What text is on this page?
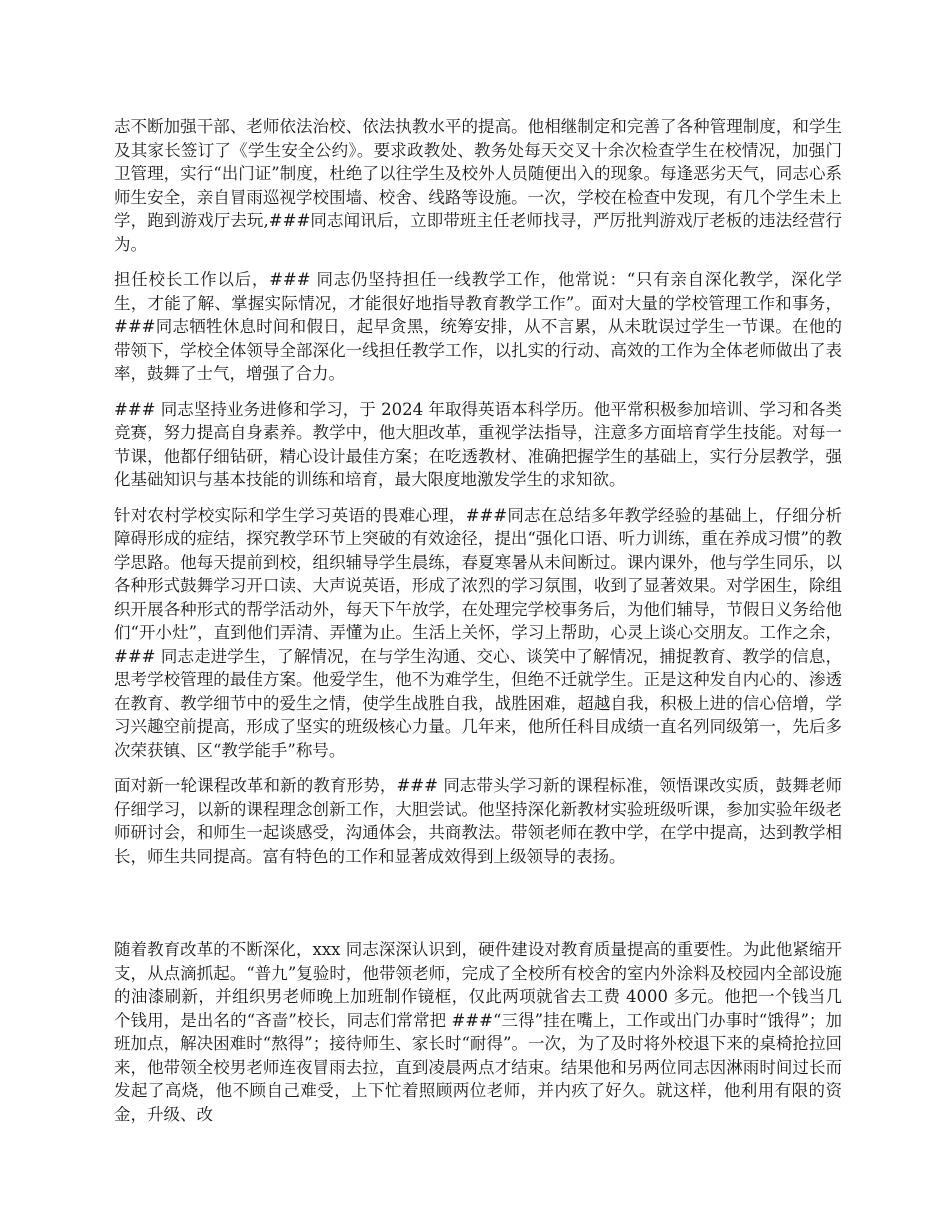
志不断加强干部、老师依法治校、依法执教水平的提高。他相继制定和完善了各种管理制度，和学生及其家长签订了《学生安全公约》。要求政教处、教务处每天交叉十余次检查学生在校情况，加强门卫管理，实行“出门证”制度，杜绝了以往学生及校外人员随便出入的现象。每逢恶劣天气，同志心系师生安全，亲自冒雨巡视学校围墙、校舍、线路等设施。一次，学校在检查中发现，有几个学生未上学，跑到游戏厅去玩,###同志闻讯后，立即带班主任老师找寻，严厉批判游戏厅老板的违法经营行为。

担任校长工作以后，### 同志仍坚持担任一线教学工作，他常说：“只有亲自深化教学，深化学生，才能了解、掌握实际情况，才能很好地指导教育教学工作”。面对大量的学校管理工作和事务，###同志牺牲休息时间和假日，起早贪黑，统筹安排，从不言累，从未耽误过学生一节课。在他的带领下，学校全体领导全部深化一线担任教学工作，以扎实的行动、高效的工作为全体老师做出了表率，鼓舞了士气，增强了合力。

### 同志坚持业务进修和学习，于 2024 年取得英语本科学历。他平常积极参加培训、学习和各类竞赛，努力提高自身素养。教学中，他大胆改革，重视学法指导，注意多方面培育学生技能。对每一节课，他都仔细钻研，精心设计最佳方案；在吃透教材、准确把握学生的基础上，实行分层教学，强化基础知识与基本技能的训练和培育，最大限度地激发学生的求知欲。

针对农村学校实际和学生学习英语的畏难心理，###同志在总结多年教学经验的基础上，仔细分析障碍形成的症结，探究教学环节上突破的有效途径，提出“强化口语、听力训练，重在养成习惯”的教学思路。他每天提前到校，组织辅导学生晨练，春夏寒暑从未间断过。课内课外，他与学生同乐，以各种形式鼓舞学习开口读、大声说英语，形成了浓烈的学习氛围，收到了显著效果。对学困生，除组织开展各种形式的帮学活动外，每天下午放学，在处理完学校事务后，为他们辅导，节假日义务给他们“开小灶”，直到他们弄清、弄懂为止。生活上关怀，学习上帮助，心灵上谈心交朋友。工作之余，### 同志走进学生，了解情况，在与学生沟通、交心、谈笑中了解情况，捕捉教育、教学的信息，思考学校管理的最佳方案。他爱学生，他不为难学生，但绝不迁就学生。正是这种发自内心的、渗透在教育、教学细节中的爱生之情，使学生战胜自我，战胜困难，超越自我，积极上进的信心倍增，学习兴趣空前提高，形成了坚实的班级核心力量。几年来，他所任科目成绩一直名列同级第一，先后多次荣获镇、区“教学能手”称号。

面对新一轮课程改革和新的教育形势，### 同志带头学习新的课程标准，领悟课改实质，鼓舞老师仔细学习，以新的课程理念创新工作，大胆尝试。他坚持深化新教材实验班级听课，参加实验年级老师研讨会，和师生一起谈感受，沟通体会，共商教法。带领老师在教中学，在学中提高，达到教学相长，师生共同提高。富有特色的工作和显著成效得到上级领导的表扬。

随着教育改革的不断深化，xxx 同志深深认识到，硬件建设对教育质量提高的重要性。为此他紧缩开支，从点滴抓起。“普九”复验时，他带领老师，完成了全校所有校舍的室内外涂料及校园内全部设施的油漆刷新，并组织男老师晚上加班制作镜框，仅此两项就省去工费 4000 多元。他把一个钱当几个钱用，是出名的“吝啬”校长，同志们常常把 ###“三得”挂在嘴上，工作或出门办事时“饿得”；加班加点，解决困难时“熬得”；接待师生、家长时“耐得”。一次，为了及时将外校退下来的桌椅抢拉回来，他带领全校男老师连夜冒雨去拉，直到凌晨两点才结束。结果他和另两位同志因淋雨时间过长而发起了高烧，他不顾自己难受，上下忙着照顾两位老师，并内疚了好久。就这样，他利用有限的资金，升级、改
